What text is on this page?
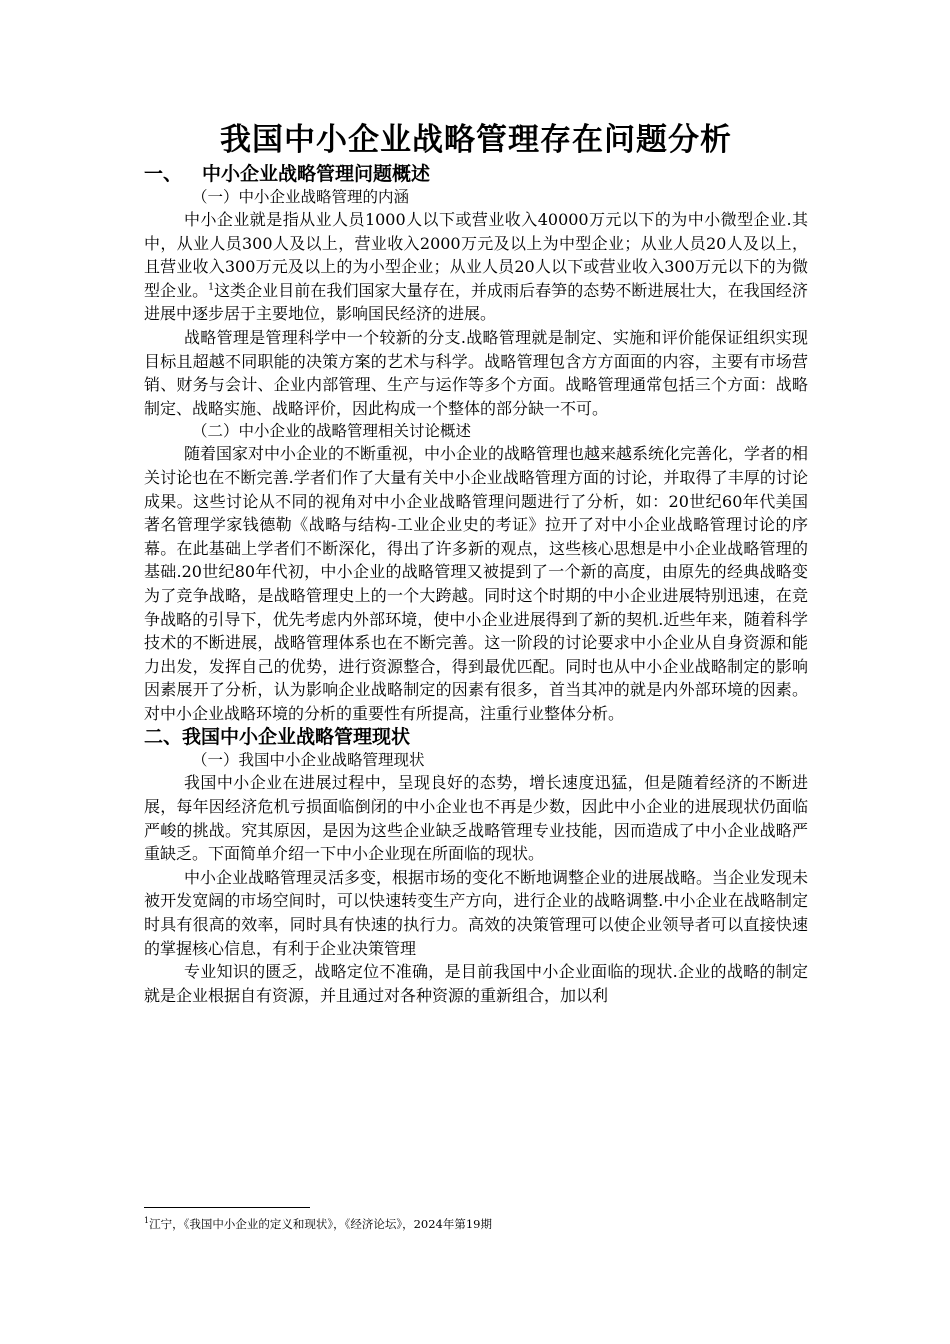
我国中小企业战略管理存在问题分析
一、 中小企业战略管理问题概述
（一）中小企业战略管理的内涵

中小企业就是指从业人员1000人以下或营业收入40000万元以下的为中小微型企业.其中，从业人员300人及以上，营业收入2000万元及以上为中型企业；从业人员20人及以上，且营业收入300万元及以上的为小型企业；从业人员20人以下或营业收入300万元以下的为微型企业。$^1$这类企业目前在我们国家大量存在，并成雨后春笋的态势不断进展壮大，在我国经济进展中逐步居于主要地位，影响国民经济的进展。

战略管理是管理科学中一个较新的分支.战略管理就是制定、实施和评价能保证组织实现目标且超越不同职能的决策方案的艺术与科学。战略管理包含方方面面的内容，主要有市场营销、财务与会计、企业内部管理、生产与运作等多个方面。战略管理通常包括三个方面：战略制定、战略实施、战略评价，因此构成一个整体的部分缺一不可。

（二）中小企业的战略管理相关讨论概述

随着国家对中小企业的不断重视，中小企业的战略管理也越来越系统化完善化，学者的相关讨论也在不断完善.学者们作了大量有关中小企业战略管理方面的讨论，并取得了丰厚的讨论成果。这些讨论从不同的视角对中小企业战略管理问题进行了分析，如：20世纪60年代美国著名管理学家钱德勒《战略与结构-工业企业史的考证》拉开了对中小企业战略管理讨论的序幕。在此基础上学者们不断深化，得出了许多新的观点，这些核心思想是中小企业战略管理的基础.20世纪80年代初，中小企业的战略管理又被提到了一个新的高度，由原先的经典战略变为了竞争战略，是战略管理史上的一个大跨越。同时这个时期的中小企业进展特别迅速，在竞争战略的引导下，优先考虑内外部环境，使中小企业进展得到了新的契机.近些年来，随着科学技术的不断进展，战略管理体系也在不断完善。这一阶段的讨论要求中小企业从自身资源和能力出发，发挥自己的优势，进行资源整合，得到最优匹配。同时也从中小企业战略制定的影响因素展开了分析，认为影响企业战略制定的因素有很多，首当其冲的就是内外部环境的因素。对中小企业战略环境的分析的重要性有所提高，注重行业整体分析。

二、我国中小企业战略管理现状
（一）我国中小企业战略管理现状

我国中小企业在进展过程中，呈现良好的态势，增长速度迅猛，但是随着经济的不断进展，每年因经济危机亏损面临倒闭的中小企业也不再是少数，因此中小企业的进展现状仍面临严峻的挑战。究其原因，是因为这些企业缺乏战略管理专业技能，因而造成了中小企业战略严重缺乏。下面简单介绍一下中小企业现在所面临的现状。

中小企业战略管理灵活多变，根据市场的变化不断地调整企业的进展战略。当企业发现未被开发宽阔的市场空间时，可以快速转变生产方向，进行企业的战略调整.中小企业在战略制定时具有很高的效率，同时具有快速的执行力。高效的决策管理可以使企业领导者可以直接快速的掌握核心信息，有利于企业决策管理

专业知识的匮乏，战略定位不准确，是目前我国中小企业面临的现状.企业的战略的制定就是企业根据自有资源，并且通过对各种资源的重新组合，加以利

$^1$江宁，《我国中小企业的定义和现状》，《经济论坛》，2024年第19期
